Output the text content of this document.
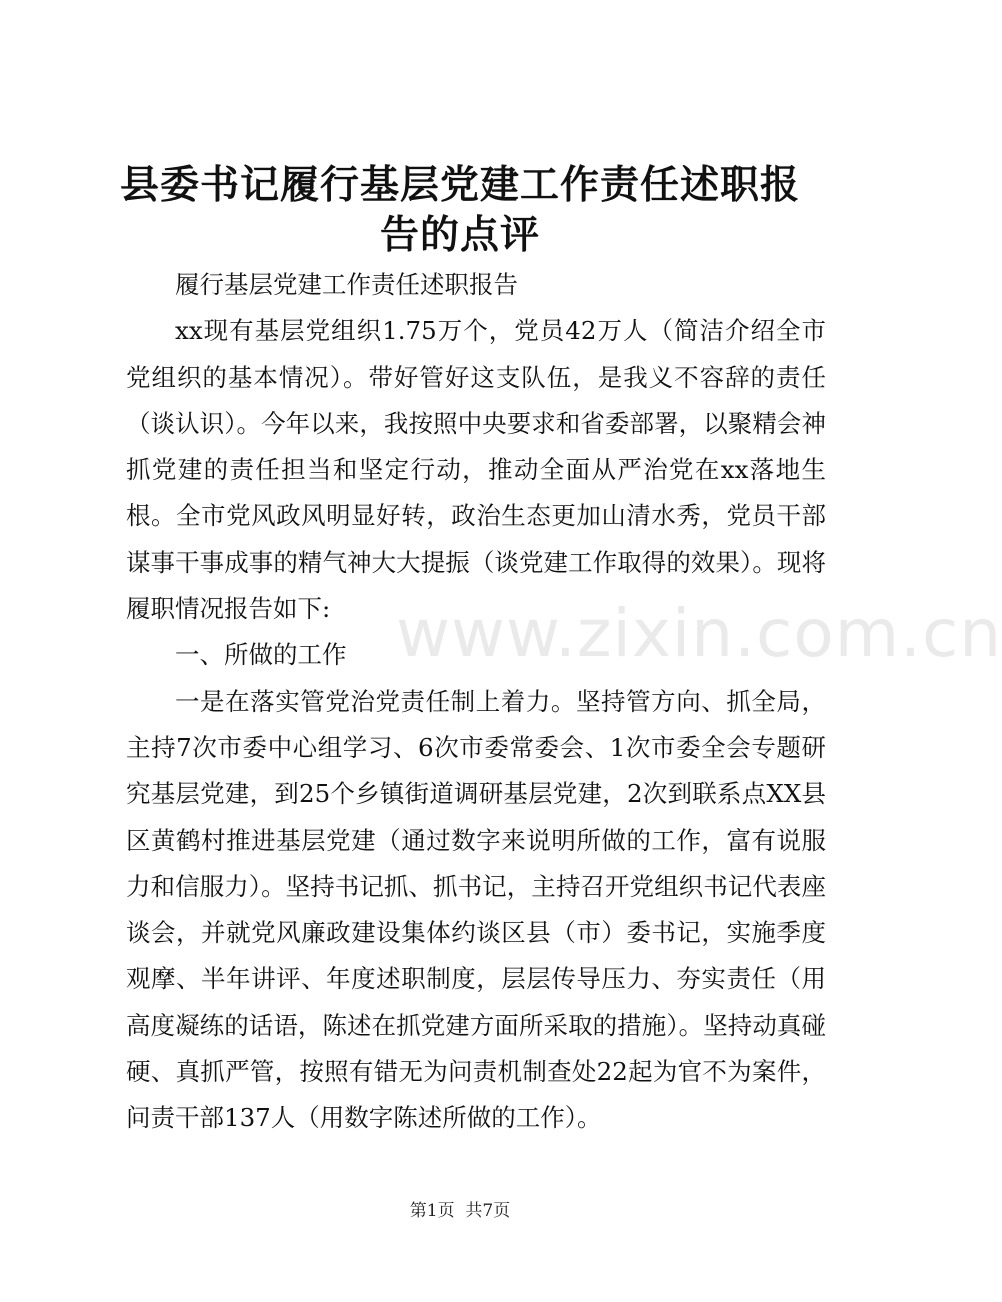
县委书记履行基层党建工作责任述职报告的点评

履行基层党建工作责任述职报告

xx现有基层党组织1.75万个，党员42万人（简洁介绍全市党组织的基本情况）。带好管好这支队伍，是我义不容辞的责任（谈认识）。今年以来，我按照中央要求和省委部署，以聚精会神抓党建的责任担当和坚定行动，推动全面从严治党在xx落地生根。全市党风政风明显好转，政治生态更加山清水秀，党员干部谋事干事成事的精气神大大提振（谈党建工作取得的效果）。现将履职情况报告如下:

一、所做的工作

一是在落实管党治党责任制上着力。坚持管方向、抓全局，主持7次市委中心组学习、6次市委常委会、1次市委全会专题研究基层党建，到25个乡镇街道调研基层党建，2次到联系点XX县区黄鹤村推进基层党建（通过数字来说明所做的工作，富有说服力和信服力）。坚持书记抓、抓书记，主持召开党组织书记代表座谈会，并就党风廉政建设集体约谈区县（市）委书记，实施季度观摩、半年讲评、年度述职制度，层层传导压力、夯实责任（用高度凝练的话语，陈述在抓党建方面所采取的措施）。坚持动真碰硬、真抓严管，按照有错无为问责机制查处22起为官不为案件，问责干部137人（用数字陈述所做的工作）。

www.zixin.com.cn
第1页 共7页
